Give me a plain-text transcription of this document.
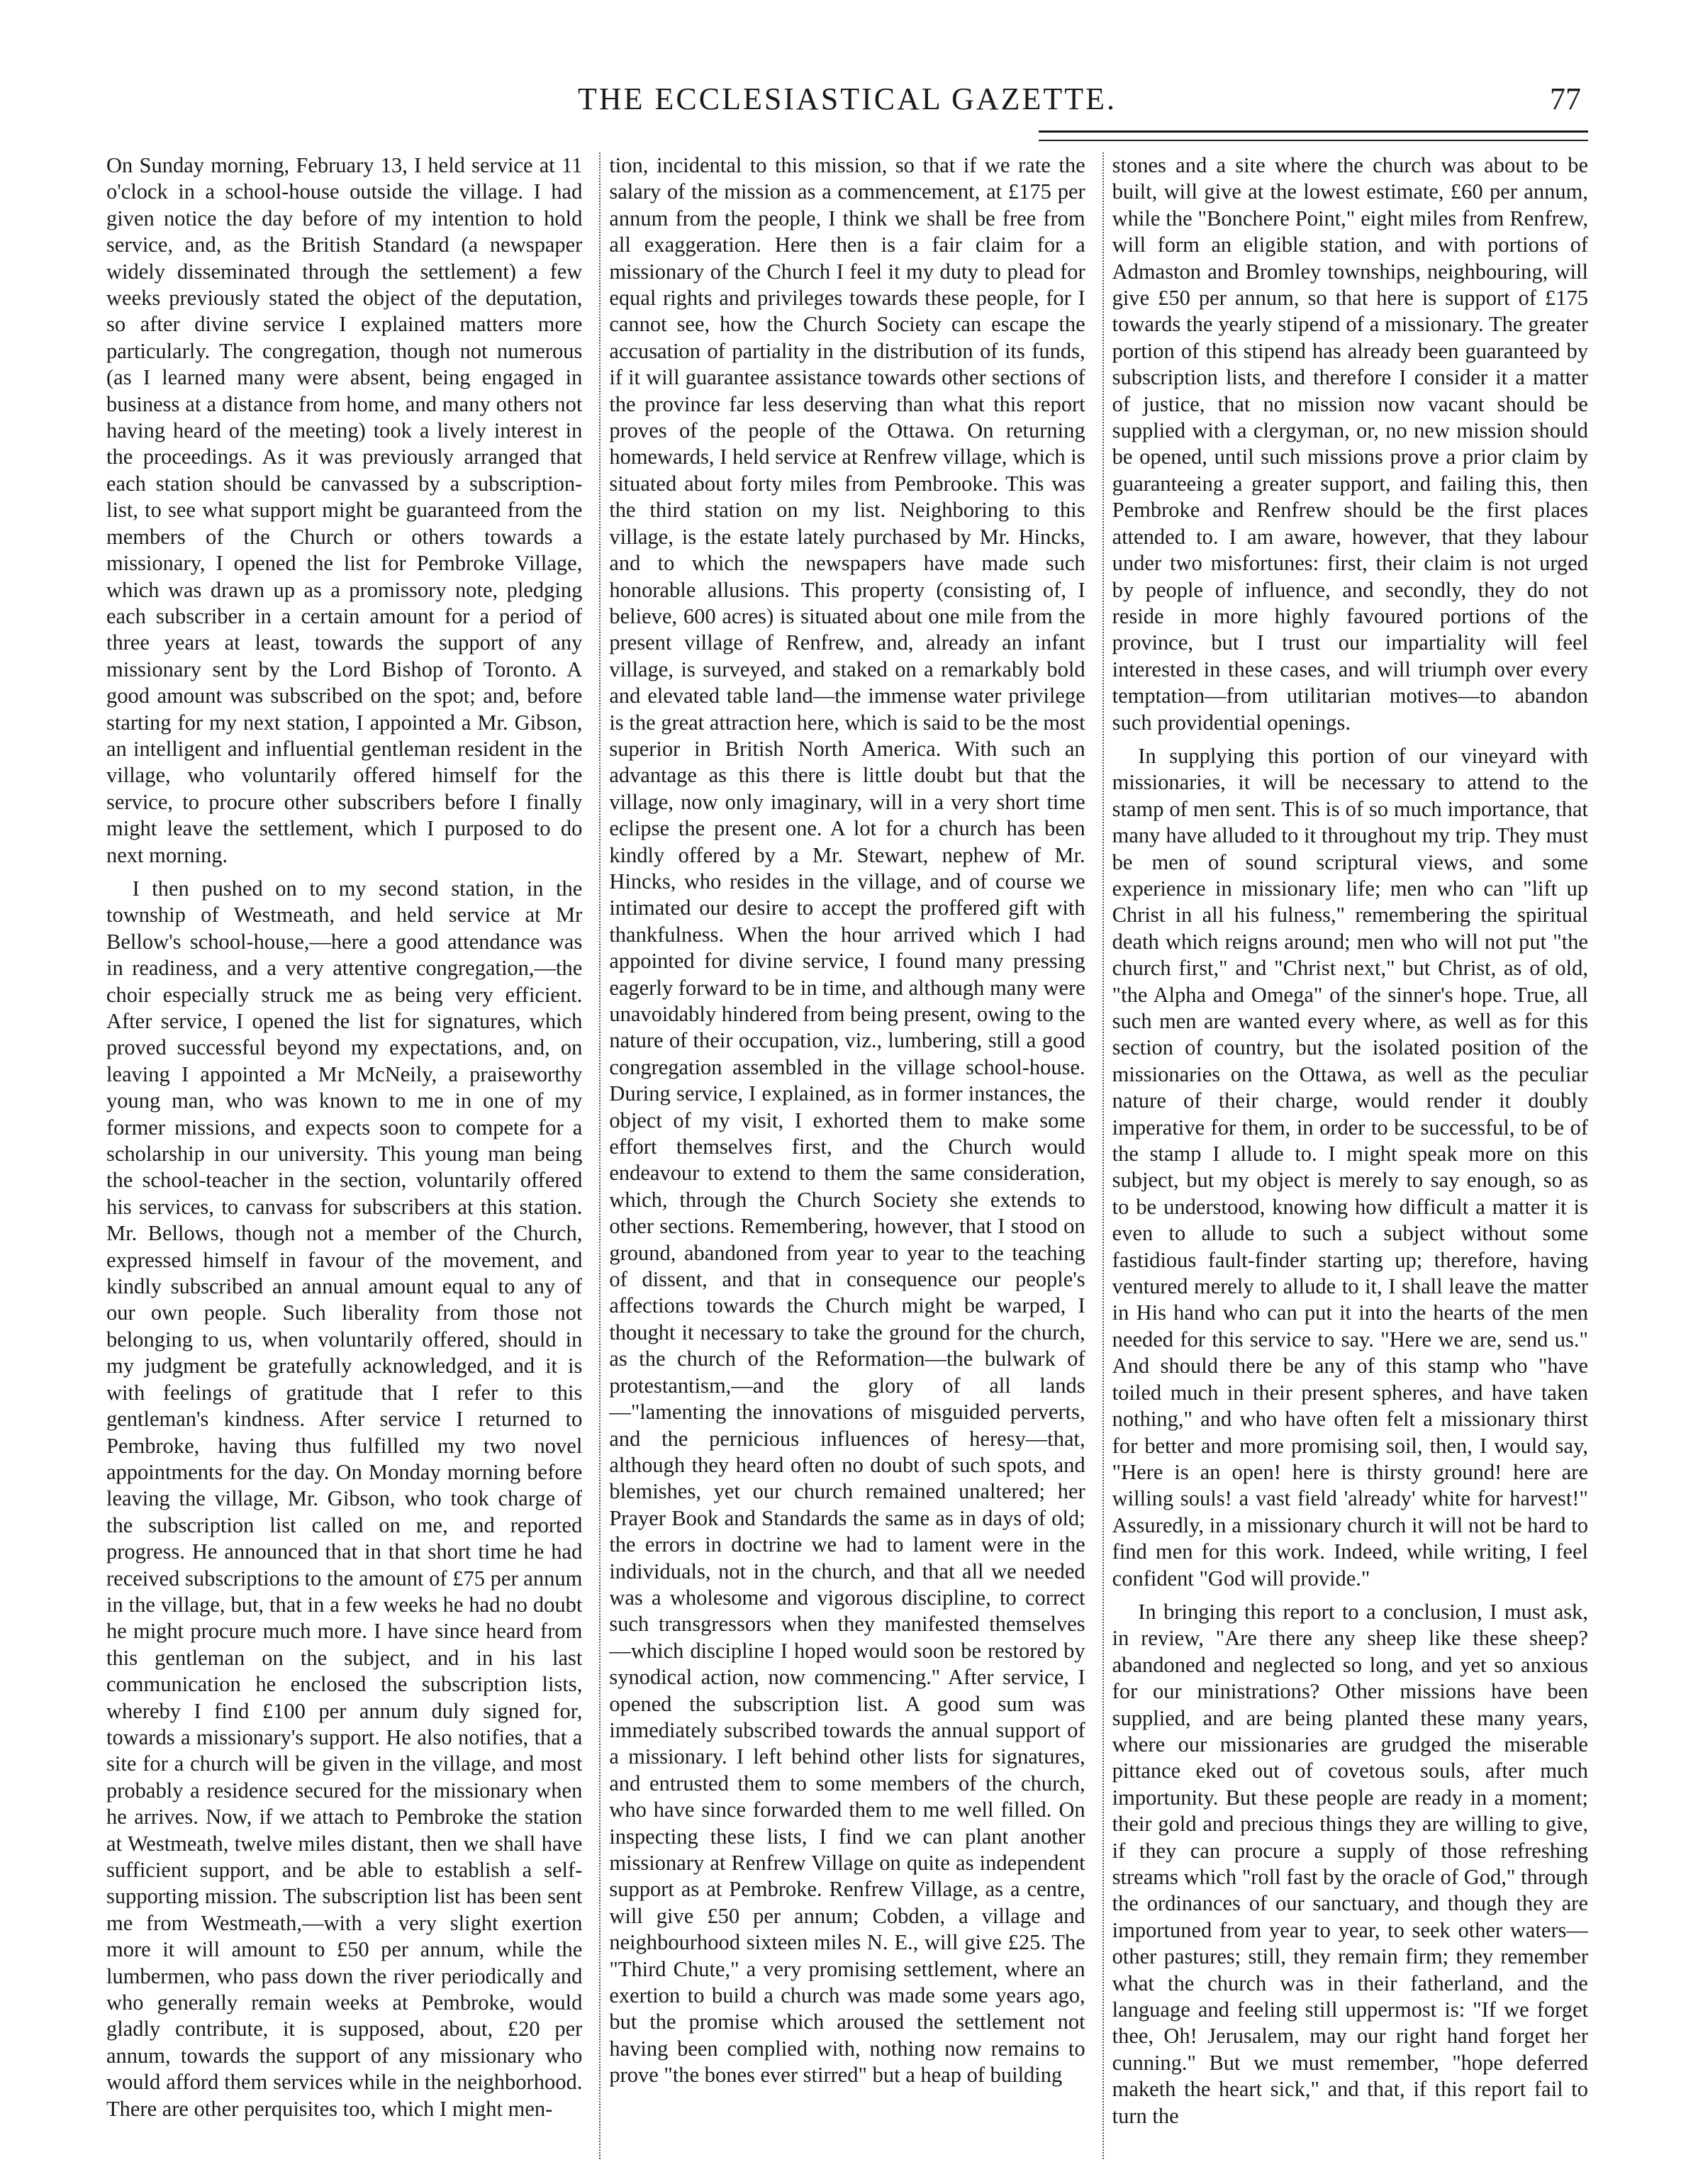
THE ECCLESIASTICAL GAZETTE.	77

On Sunday morning, February 13, I held service at 11 o'clock in a school-house outside the village. I had given notice the day before of my intention to hold service, and, as the British Standard (a newspaper widely disseminated through the settlement) a few weeks previously stated the object of the deputation, so after divine service I explained matters more particularly. The congregation, though not numerous (as I learned many were absent, being engaged in business at a distance from home, and many others not having heard of the meeting) took a lively interest in the proceedings. As it was previously arranged that each station should be canvassed by a subscription-list, to see what support might be guaranteed from the members of the Church or others towards a missionary, I opened the list for Pembroke Village, which was drawn up as a promissory note, pledging each subscriber in a certain amount for a period of three years at least, towards the support of any missionary sent by the Lord Bishop of Toronto. A good amount was subscribed on the spot; and, before starting for my next station, I appointed a Mr. Gibson, an intelligent and influential gentleman resident in the village, who voluntarily offered himself for the service, to procure other subscribers before I finally might leave the settlement, which I purposed to do next morning.

I then pushed on to my second station, in the township of Westmeath, and held service at Mr Bellow's school-house,—here a good attendance was in readiness, and a very attentive congregation,—the choir especially struck me as being very efficient. After service, I opened the list for signatures, which proved successful beyond my expectations, and, on leaving I appointed a Mr McNeily, a praiseworthy young man, who was known to me in one of my former missions, and expects soon to compete for a scholarship in our university. This young man being the school-teacher in the section, voluntarily offered his services, to canvass for subscribers at this station. Mr. Bellows, though not a member of the Church, expressed himself in favour of the movement, and kindly subscribed an annual amount equal to any of our own people. Such liberality from those not belonging to us, when voluntarily offered, should in my judgment be gratefully acknowledged, and it is with feelings of gratitude that I refer to this gentleman's kindness. After service I returned to Pembroke, having thus fulfilled my two novel appointments for the day. On Monday morning before leaving the village, Mr. Gibson, who took charge of the subscription list called on me, and reported progress. He announced that in that short time he had received subscriptions to the amount of £75 per annum in the village, but, that in a few weeks he had no doubt he might procure much more. I have since heard from this gentleman on the subject, and in his last communication he enclosed the subscription lists, whereby I find £100 per annum duly signed for, towards a missionary's support. He also notifies, that a site for a church will be given in the village, and most probably a residence secured for the missionary when he arrives. Now, if we attach to Pembroke the station at Westmeath, twelve miles distant, then we shall have sufficient support, and be able to establish a self-supporting mission. The subscription list has been sent me from Westmeath,—with a very slight exertion more it will amount to £50 per annum, while the lumbermen, who pass down the river periodically and who generally remain weeks at Pembroke, would gladly contribute, it is supposed, about, £20 per annum, towards the support of any missionary who would afford them services while in the neighborhood. There are other perquisites too, which I might men-

tion, incidental to this mission, so that if we rate the salary of the mission as a commencement, at £175 per annum from the people, I think we shall be free from all exaggeration. Here then is a fair claim for a missionary of the Church I feel it my duty to plead for equal rights and privileges towards these people, for I cannot see, how the Church Society can escape the accusation of partiality in the distribution of its funds, if it will guarantee assistance towards other sections of the province far less deserving than what this report proves of the people of the Ottawa. On returning homewards, I held service at Renfrew village, which is situated about forty miles from Pembrooke. This was the third station on my list. Neighboring to this village, is the estate lately purchased by Mr. Hincks, and to which the newspapers have made such honorable allusions. This property (consisting of, I believe, 600 acres) is situated about one mile from the present village of Renfrew, and, already an infant village, is surveyed, and staked on a remarkably bold and elevated table land—the immense water privilege is the great attraction here, which is said to be the most superior in British North America. With such an advantage as this there is little doubt but that the village, now only imaginary, will in a very short time eclipse the present one. A lot for a church has been kindly offered by a Mr. Stewart, nephew of Mr. Hincks, who resides in the village, and of course we intimated our desire to accept the proffered gift with thankfulness. When the hour arrived which I had appointed for divine service, I found many pressing eagerly forward to be in time, and although many were unavoidably hindered from being present, owing to the nature of their occupation, viz., lumbering, still a good congregation assembled in the village school-house. During service, I explained, as in former instances, the object of my visit, I exhorted them to make some effort themselves first, and the Church would endeavour to extend to them the same consideration, which, through the Church Society she extends to other sections. Remembering, however, that I stood on ground, abandoned from year to year to the teaching of dissent, and that in consequence our people's affections towards the Church might be warped, I thought it necessary to take the ground for the church, as the church of the Reformation—the bulwark of protestantism,—and the glory of all lands—"lamenting the innovations of misguided perverts, and the pernicious influences of heresy—that, although they heard often no doubt of such spots, and blemishes, yet our church remained unaltered; her Prayer Book and Standards the same as in days of old; the errors in doctrine we had to lament were in the individuals, not in the church, and that all we needed was a wholesome and vigorous discipline, to correct such transgressors when they manifested themselves—which discipline I hoped would soon be restored by synodical action, now commencing." After service, I opened the subscription list. A good sum was immediately subscribed towards the annual support of a missionary. I left behind other lists for signatures, and entrusted them to some members of the church, who have since forwarded them to me well filled. On inspecting these lists, I find we can plant another missionary at Renfrew Village on quite as independent support as at Pembroke. Renfrew Village, as a centre, will give £50 per annum; Cobden, a village and neighbourhood sixteen miles N. E., will give £25. The "Third Chute," a very promising settlement, where an exertion to build a church was made some years ago, but the promise which aroused the settlement not having been complied with, nothing now remains to prove "the bones ever stirred" but a heap of building

stones and a site where the church was about to be built, will give at the lowest estimate, £60 per annum, while the "Bonchere Point," eight miles from Renfrew, will form an eligible station, and with portions of Admaston and Bromley townships, neighbouring, will give £50 per annum, so that here is support of £175 towards the yearly stipend of a missionary. The greater portion of this stipend has already been guaranteed by subscription lists, and therefore I consider it a matter of justice, that no mission now vacant should be supplied with a clergyman, or, no new mission should be opened, until such missions prove a prior claim by guaranteeing a greater support, and failing this, then Pembroke and Renfrew should be the first places attended to. I am aware, however, that they labour under two misfortunes: first, their claim is not urged by people of influence, and secondly, they do not reside in more highly favoured portions of the province, but I trust our impartiality will feel interested in these cases, and will triumph over every temptation—from utilitarian motives—to abandon such providential openings.

In supplying this portion of our vineyard with missionaries, it will be necessary to attend to the stamp of men sent. This is of so much importance, that many have alluded to it throughout my trip. They must be men of sound scriptural views, and some experience in missionary life; men who can "lift up Christ in all his fulness," remembering the spiritual death which reigns around; men who will not put "the church first," and "Christ next," but Christ, as of old, "the Alpha and Omega" of the sinner's hope. True, all such men are wanted every where, as well as for this section of country, but the isolated position of the missionaries on the Ottawa, as well as the peculiar nature of their charge, would render it doubly imperative for them, in order to be successful, to be of the stamp I allude to. I might speak more on this subject, but my object is merely to say enough, so as to be understood, knowing how difficult a matter it is even to allude to such a subject without some fastidious fault-finder starting up; therefore, having ventured merely to allude to it, I shall leave the matter in His hand who can put it into the hearts of the men needed for this service to say. "Here we are, send us." And should there be any of this stamp who "have toiled much in their present spheres, and have taken nothing," and who have often felt a missionary thirst for better and more promising soil, then, I would say, "Here is an open! here is thirsty ground! here are willing souls! a vast field 'already' white for harvest!" Assuredly, in a missionary church it will not be hard to find men for this work. Indeed, while writing, I feel confident "God will provide."

In bringing this report to a conclusion, I must ask, in review, "Are there any sheep like these sheep? abandoned and neglected so long, and yet so anxious for our ministrations? Other missions have been supplied, and are being planted these many years, where our missionaries are grudged the miserable pittance eked out of covetous souls, after much importunity. But these people are ready in a moment; their gold and precious things they are willing to give, if they can procure a supply of those refreshing streams which "roll fast by the oracle of God," through the ordinances of our sanctuary, and though they are importuned from year to year, to seek other waters—other pastures; still, they remain firm; they remember what the church was in their fatherland, and the language and feeling still uppermost is: "If we forget thee, Oh! Jerusalem, may our right hand forget her cunning." But we must remember, "hope deferred maketh the heart sick," and that, if this report fail to turn the
